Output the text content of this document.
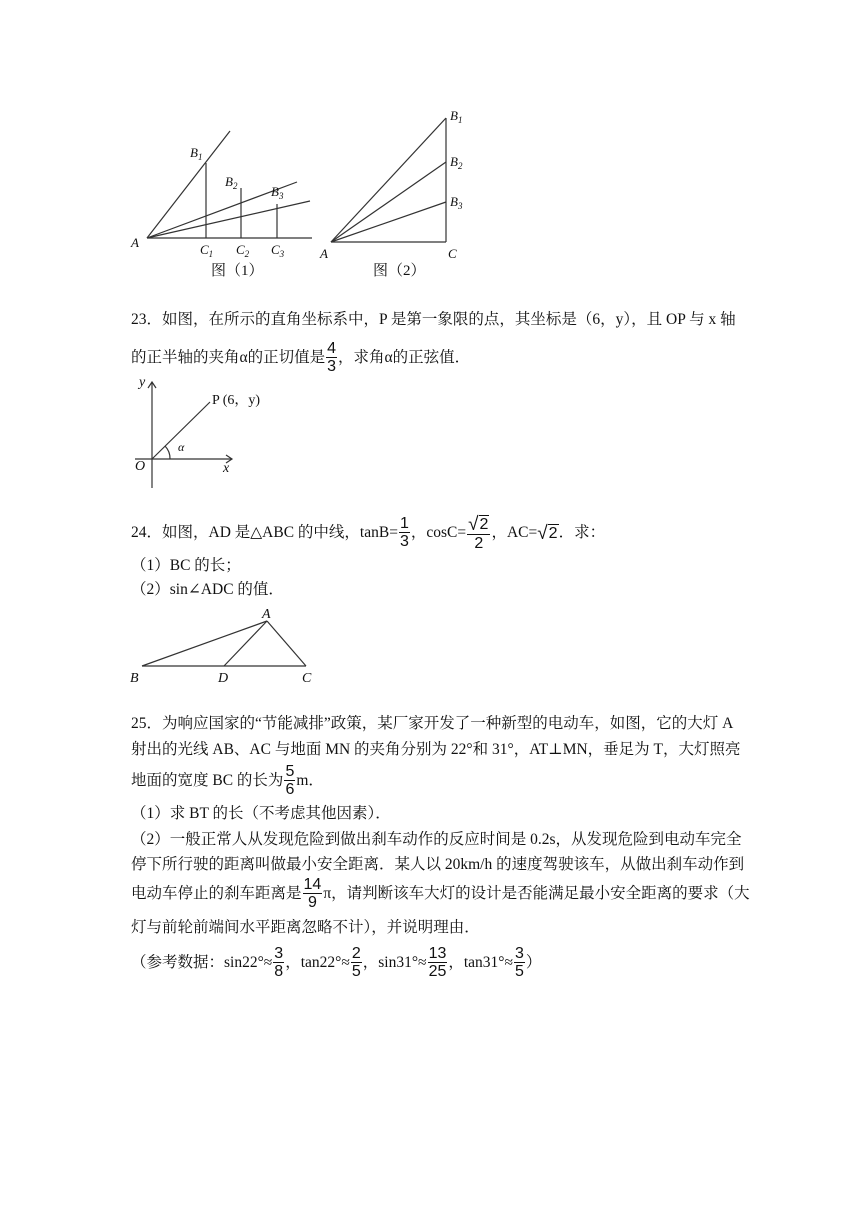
A
$B_1$
$B_2$	$B_3$
$C_1$ $C_2$ $C_3$
图（1）
A	C
$B_1$
$B_2$
$B_3$
图（2）
23．如图，在所示的直角坐标系中，P 是第一象限的点，其坐标是（6，y），且 OP 与 x 轴
的正半轴的夹角α的正切值是 $\frac{4}{3}$ ，求角α的正弦值．
y
x
O
α
P (6，y)
24．如图，AD 是△ABC 的中线，$\tan B= \frac{1}{3}$ ，$\cos C= \frac{√ 2}{2}$ ，AC= √ 2 ．求：
（1）BC 的长；
（2）sin∠ADC 的值．
A
B	D	C
25．为响应国家的“节能减排”政策，某厂家开发了一种新型的电动车，如图，它的大灯 A
射出的光线 AB、AC 与地面 MN 的夹角分别为 22°和 31°，AT⊥MN，垂足为 T，大灯照亮
地面的宽度 BC 的长为 $\frac{5}{6}$ m．
（1）求 BT 的长（不考虑其他因素）．
（2）一般正常人从发现危险到做出刹车动作的反应时间是 0.2s，从发现危险到电动车完全
停下所行驶的距离叫做最小安全距离．某人以 20km/h 的速度驾驶该车，从做出刹车动作到
电动车停止的刹车距离是 $\frac{14}{9}$ π，请判断该车大灯的设计是否能满足最小安全距离的要求（大
灯与前轮前端间水平距离忽略不计），并说明理由．
（参考数据：$\sin 22^\circ\approx \frac{3}{8}$ ，$\tan 22^\circ\approx \frac{2}{5}$ ，$\sin 31^\circ\approx \frac{13}{25}$ ，$\tan 31^\circ\approx \frac{3}{5}$ ）
